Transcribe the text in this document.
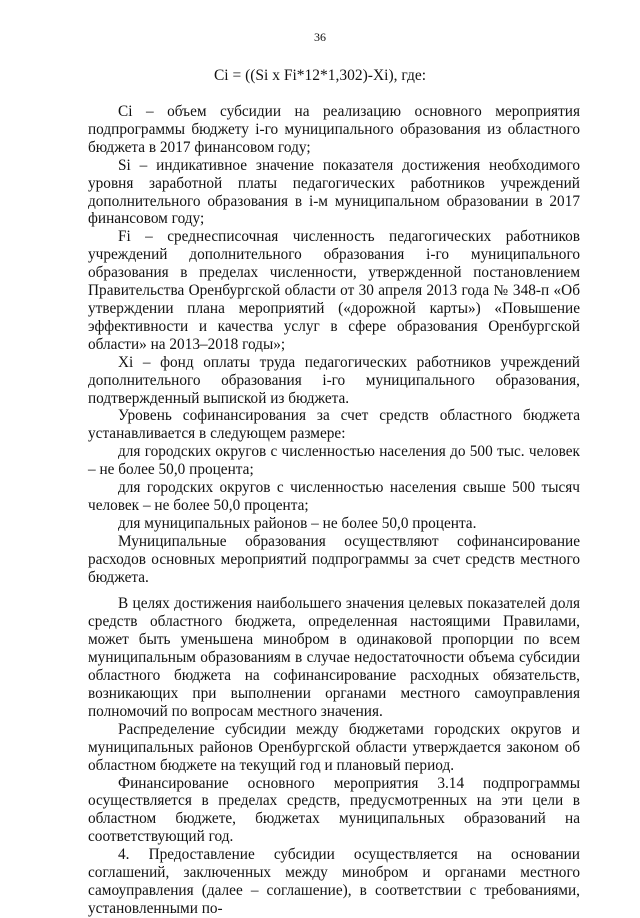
36
Ci = ((Si x Fi*12*1,302)-Xi), где:

Ci – объем субсидии на реализацию основного мероприятия подпрограммы бюджету i-го муниципального образования из областного бюджета в 2017 финансовом году;

Si – индикативное значение показателя достижения необходимого уровня заработной платы педагогических работников учреждений дополнительного образования в i-м муниципальном образовании в 2017 финансовом году;

Fi – среднесписочная численность педагогических работников учреждений дополнительного образования i-го муниципального образования в пределах численности, утвержденной постановлением Правительства Оренбургской области от 30 апреля 2013 года № 348-п «Об утверждении плана мероприятий («дорожной карты») «Повышение эффективности и качества услуг в сфере образования Оренбургской области» на 2013–2018 годы»;

Xi – фонд оплаты труда педагогических работников учреждений дополнительного образования i-го муниципального образования, подтвержденный выпиской из бюджета.

Уровень софинансирования за счет средств областного бюджета устанавливается в следующем размере:

для городских округов с численностью населения до 500 тыс. человек – не более 50,0 процента;

для городских округов с численностью населения свыше 500 тысяч человек – не более 50,0 процента;

для муниципальных районов – не более 50,0 процента.

Муниципальные образования осуществляют софинансирование расходов основных мероприятий подпрограммы за счет средств местного бюджета.

В целях достижения наибольшего значения целевых показателей доля средств областного бюджета, определенная настоящими Правилами, может быть уменьшена минобром в одинаковой пропорции по всем муниципальным образованиям в случае недостаточности объема субсидии областного бюджета на софинансирование расходных обязательств, возникающих при выполнении органами местного самоуправления полномочий по вопросам местного значения.

Распределение субсидии между бюджетами городских округов и муниципальных районов Оренбургской области утверждается законом об областном бюджете на текущий год и плановый период.

Финансирование основного мероприятия 3.14 подпрограммы осуществляется в пределах средств, предусмотренных на эти цели в областном бюджете, бюджетах муниципальных образований на соответствующий год.

4. Предоставление субсидии осуществляется на основании соглашений, заключенных между минобром и органами местного самоуправления (далее – соглашение), в соответствии с требованиями, установленными по-
